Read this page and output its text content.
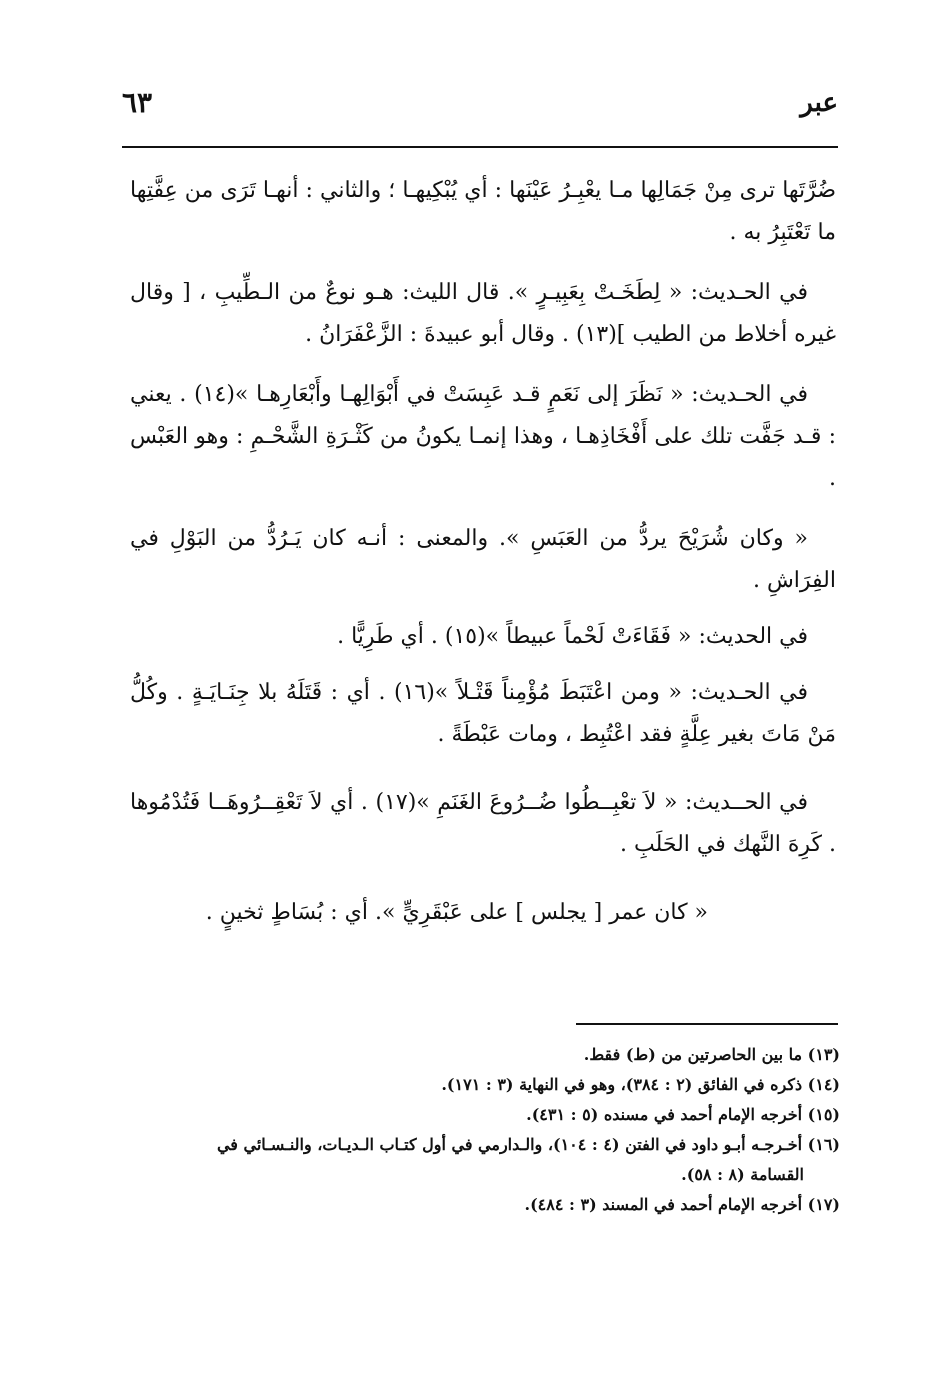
عبر
٦٣

ضُرَّتَها ترى مِنْ جَمَالِها مـا يعْبِـرُ عَيْنَها : أي يُبْكِيهـا ؛ والثاني : أنهـا تَرَى من عِفَّتِها ما تَعْتَبِرُ به .

في الحـديث: « لِطَخَـتْ بِعَبِيـرٍ ». قال الليث: هـو نوعٌ من الـطِّيبِ ، [ وقال غيره أخلاط من الطيب ](١٣) . وقال أبو عبيدةَ : الزَّعْفَرَانُ .

في الحـديث: « نَظَرَ إلى نَعَمٍ قـد عَبِسَتْ في أَبْوَالِهـا وأَبْعَارِهـا »(١٤) . يعني : قـد جَفَّت تلك على أَفْخَاذِهـا ، وهذا إنمـا يكونُ من كَثْـرَةِ الشَّحْـمِ : وهو العَبْس .

« وكان شُرَيْحَ يردُّ من العَبَسِ ». والمعنى : أنـه كان يَـرُدُّ من البَوْلِ في الفِرَاشِ .

في الحديث: « فَقَاءَتْ لَحْماً عبيطاً »(١٥) . أي طَرِيًّا .

في الحـديث: « ومن اعْتَبَطَ مُؤْمِناً قَتْـلاً »(١٦) . أي : قَتَلَهُ بلا جِنَـايَـةٍ . وكُلُّ مَنْ مَاتَ بغير عِلَّةٍ فقد اعْتُبِط ، ومات عَبْطَةً .

في الحــديث: « لاَ تعْبِــطُوا ضُــرُوعَ الغَنَمِ »(١٧) . أي لاَ تَعْقِــرُوهَــا فَتُدْمُوها . كَرِهَ النَّهك في الحَلَبِ .

« كان عمر [ يجلس ] على عَبْقَرِيٍّ ». أي : بُسَاطٍ ثخينٍ .

(١٣) ما بين الحاصرتين من (ط) فقط.

(١٤) ذكره في الفائق (٢ : ٣٨٤)، وهو في النهاية (٣ : ١٧١).

(١٥) أخرجه الإمام أحمد في مسنده (٥ : ٤٣١).

(١٦) أخـرجـه أبـو داود في الفتن (٤ : ١٠٤)، والـدارمي في أول كتـاب الـديـات، والنـسـائي في

القسامة (٨ : ٥٨).

(١٧) أخرجه الإمام أحمد في المسند (٣ : ٤٨٤).
